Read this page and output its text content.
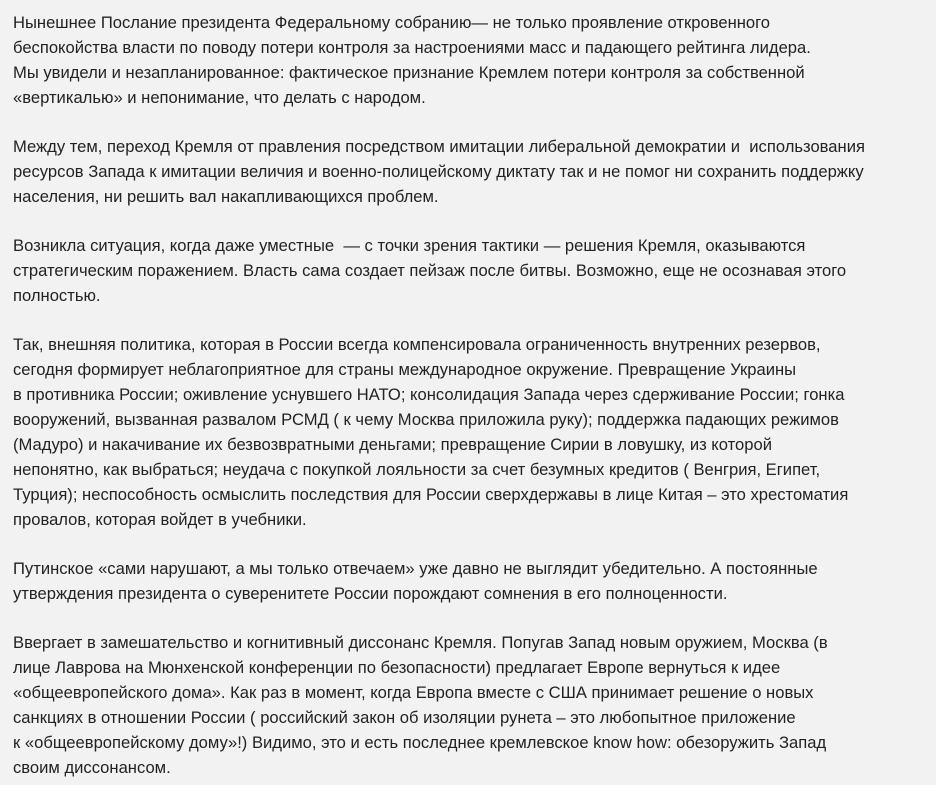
Нынешнее Послание президента Федеральному собранию— не только проявление откровенного
беспокойства власти по поводу потери контроля за настроениями масс и падающего рейтинга лидера.
Мы увидели и незапланированное: фактическое признание Кремлем потери контроля за собственной
«вертикалью» и непонимание, что делать с народом.

Между тем, переход Кремля от правления посредством имитации либеральной демократии и  использования
ресурсов Запада к имитации величия и военно-полицейскому диктату так и не помог ни сохранить поддержку
населения, ни решить вал накапливающихся проблем.

Возникла ситуация, когда даже уместные  — с точки зрения тактики — решения Кремля, оказываются
стратегическим поражением. Власть сама создает пейзаж после битвы. Возможно, еще не осознавая этого
полностью.

Так, внешняя политика, которая в России всегда компенсировала ограниченность внутренних резервов,
сегодня формирует неблагоприятное для страны международное окружение. Превращение Украины
в противника России; оживление уснувшего НАТО; консолидация Запада через сдерживание России; гонка
вооружений, вызванная развалом РСМД ( к чему Москва приложила руку); поддержка падающих режимов
(Мадуро) и накачивание их безвозвратными деньгами; превращение Сирии в ловушку, из которой
непонятно, как выбраться; неудача с покупкой лояльности за счет безумных кредитов ( Венгрия, Египет,
Турция); неспособность осмыслить последствия для России сверхдержавы в лице Китая – это хрестоматия
провалов, которая войдет в учебники.

Путинское «сами нарушают, а мы только отвечаем» уже давно не выглядит убедительно. А постоянные
утверждения президента о суверенитете России порождают сомнения в его полноценности.

Ввергает в замешательство и когнитивный диссонанс Кремля. Попугав Запад новым оружием, Москва (в
лице Лаврова на Мюнхенской конференции по безопасности) предлагает Европе вернуться к идее
«общеевропейского дома». Как раз в момент, когда Европа вместе с США принимает решение о новых
санкциях в отношении России ( российский закон об изоляции рунета – это любопытное приложение
к «общеевропейскому дому»!) Видимо, это и есть последнее кремлевское know how: обезоружить Запад
своим диссонансом.
